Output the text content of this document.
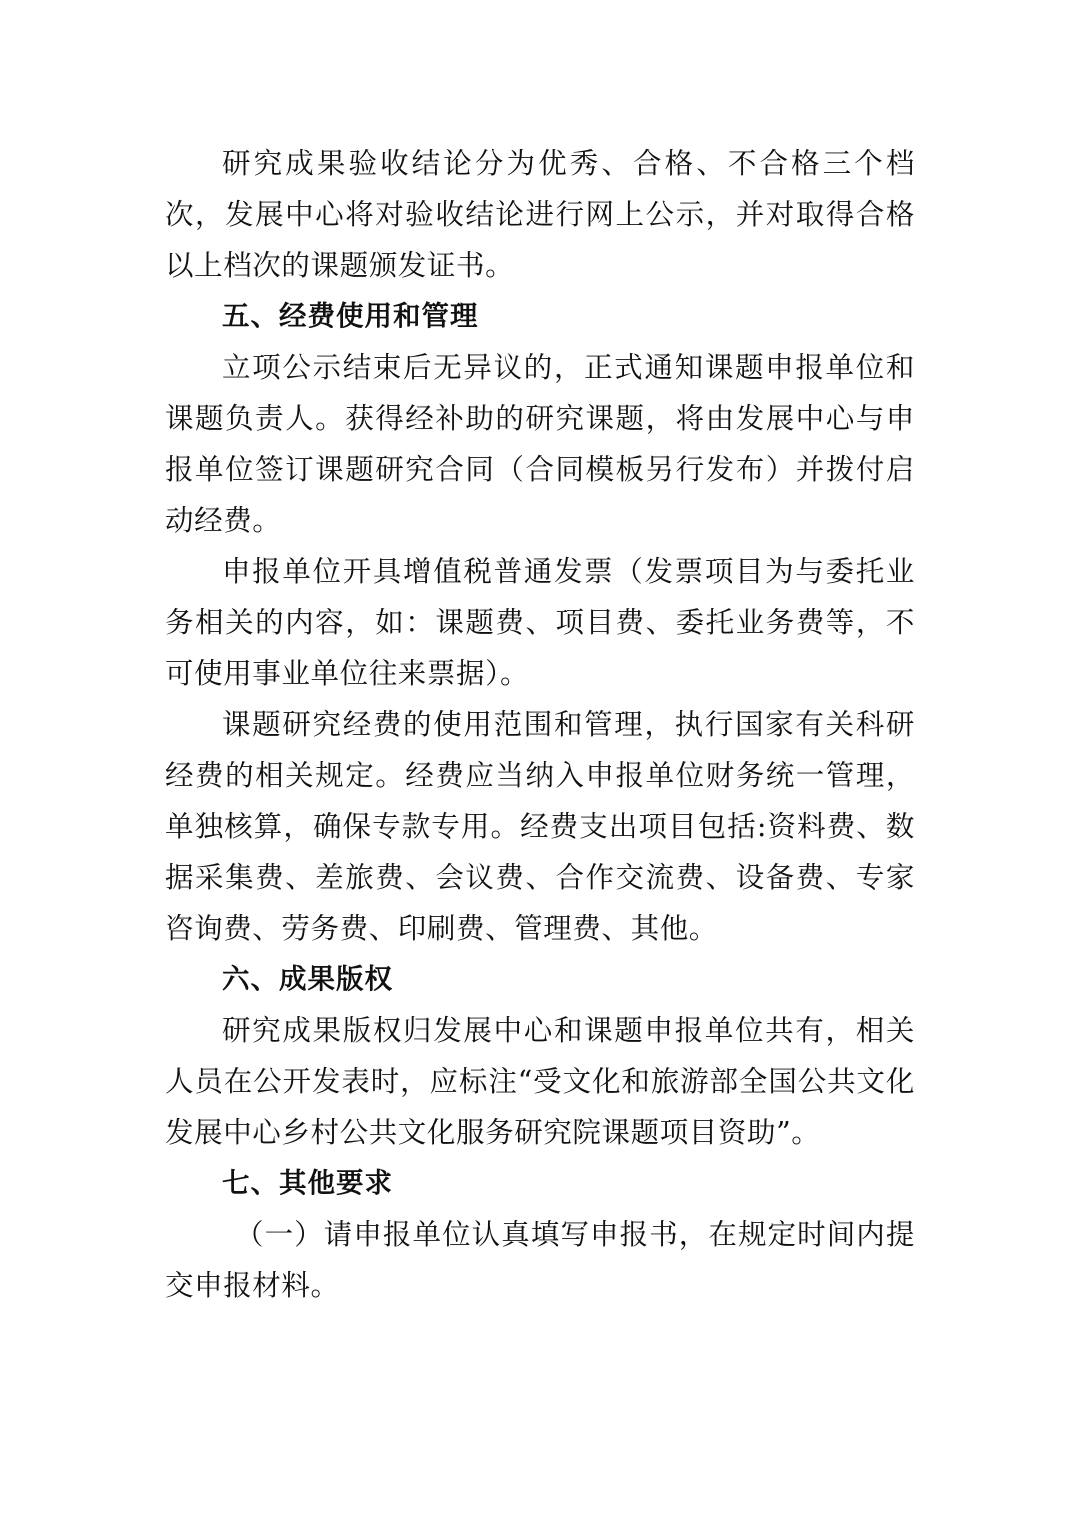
研究成果验收结论分为优秀、合格、不合格三个档次，发展中心将对验收结论进行网上公示，并对取得合格以上档次的课题颁发证书。

五、经费使用和管理

立项公示结束后无异议的，正式通知课题申报单位和课题负责人。获得经补助的研究课题，将由发展中心与申报单位签订课题研究合同（合同模板另行发布）并拨付启动经费。

申报单位开具增值税普通发票（发票项目为与委托业务相关的内容，如：课题费、项目费、委托业务费等，不可使用事业单位往来票据）。

课题研究经费的使用范围和管理，执行国家有关科研经费的相关规定。经费应当纳入申报单位财务统一管理，单独核算，确保专款专用。经费支出项目包括:资料费、数据采集费、差旅费、会议费、合作交流费、设备费、专家咨询费、劳务费、印刷费、管理费、其他。

六、成果版权

研究成果版权归发展中心和课题申报单位共有，相关人员在公开发表时，应标注“受文化和旅游部全国公共文化发展中心乡村公共文化服务研究院课题项目资助”。

七、其他要求

（一）请申报单位认真填写申报书，在规定时间内提交申报材料。
